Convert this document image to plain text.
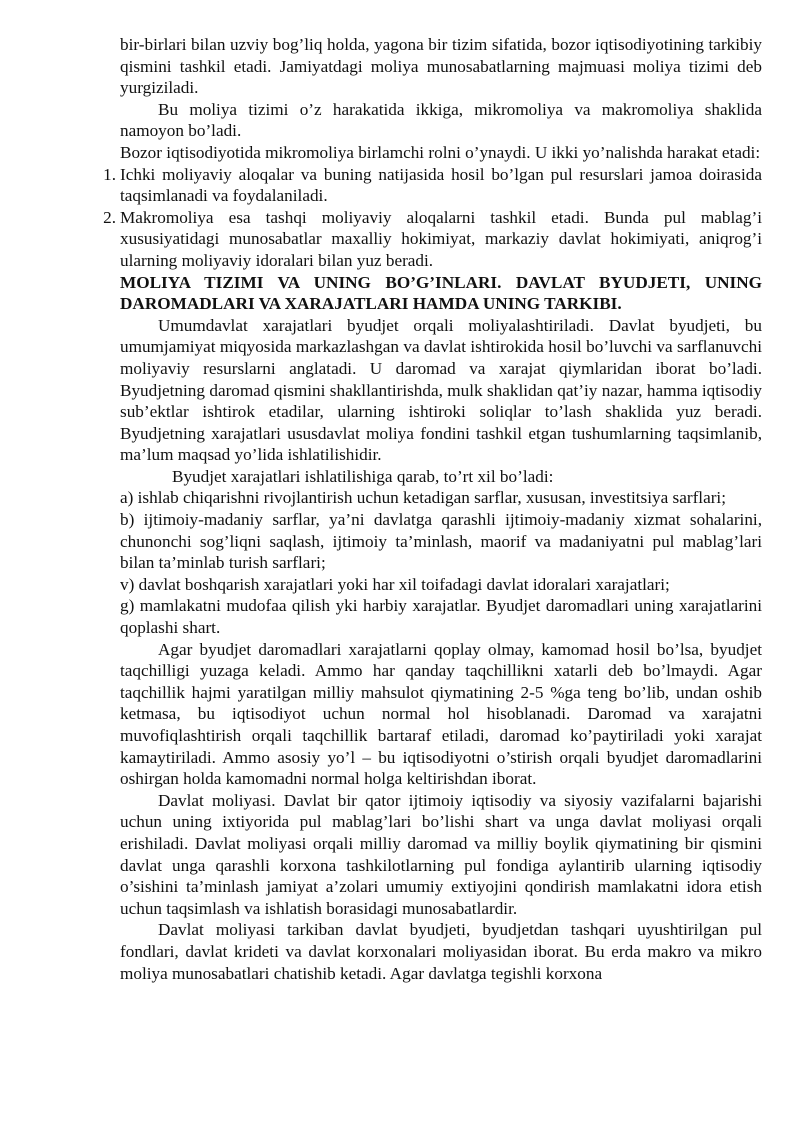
bir-birlari bilan uzviy bog’liq holda, yagona bir tizim sifatida, bozor iqtisodiyotining tarkibiy qismini tashkil etadi. Jamiyatdagi moliya munosabatlarning majmuasi moliya tizimi deb yurgiziladi.

Bu moliya tizimi o’z harakatida ikkiga, mikromoliya va makromoliya shaklida namoyon bo’ladi.

Bozor iqtisodiyotida mikromoliya birlamchi rolni o’ynaydi. U ikki yo’nalishda harakat etadi:

1. Ichki moliyaviy aloqalar va buning natijasida hosil bo’lgan pul resurslari jamoa doirasida taqsimlanadi va foydalaniladi.

2. Makromoliya esa tashqi moliyaviy aloqalarni tashkil etadi. Bunda pul mablag’i xususiyatidagi munosabatlar maxalliy hokimiyat, markaziy davlat hokimiyati, aniqrog’i ularning moliyaviy idoralari bilan yuz beradi.

MOLIYA TIZIMI VA UNING BO’G’INLARI. DAVLAT BYUDJETI, UNING DAROMADLARI VA XARAJATLARI HAMDA UNING TARKIBI.

Umumdavlat xarajatlari byudjet orqali moliyalashtiriladi. Davlat byudjeti, bu umumjamiyat miqyosida markazlashgan va davlat ishtirokida hosil bo’luvchi va sarflanuvchi moliyaviy resurslarni anglatadi. U daromad va xarajat qiymlaridan iborat bo’ladi. Byudjetning daromad qismini shakllantirishda, mulk shaklidan qat’iy nazar, hamma iqtisodiy sub’ektlar ishtirok etadilar, ularning ishtiroki soliqlar to’lash shaklida yuz beradi. Byudjetning xarajatlari ususdavlat moliya fondini tashkil etgan tushumlarning taqsimlanib, ma’lum maqsad yo’lida ishlatilishidir.

Byudjet xarajatlari ishlatilishiga qarab, to’rt xil bo’ladi:

a) ishlab chiqarishni rivojlantirish uchun ketadigan sarflar, xususan, investitsiya sarflari;

b) ijtimoiy-madaniy sarflar, ya’ni davlatga qarashli ijtimoiy-madaniy xizmat sohalarini, chunonchi sog’liqni saqlash, ijtimoiy ta’minlash, maorif va madaniyatni pul mablag’lari bilan ta’minlab turish sarflari;

v) davlat boshqarish xarajatlari yoki har xil toifadagi davlat idoralari xarajatlari;

g) mamlakatni mudofaa qilish yki harbiy xarajatlar. Byudjet daromadlari uning xarajatlarini qoplashi shart.

Agar byudjet daromadlari xarajatlarni qoplay olmay, kamomad hosil bo’lsa, byudjet taqchilligi yuzaga keladi. Ammo har qanday taqchillikni xatarli deb bo’lmaydi. Agar taqchillik hajmi yaratilgan milliy mahsulot qiymatining 2-5 %ga teng bo’lib, undan oshib ketmasa, bu iqtisodiyot uchun normal hol hisoblanadi. Daromad va xarajatni muvofiqlashtirish orqali taqchillik bartaraf etiladi, daromad ko’paytiriladi yoki xarajat kamaytiriladi. Ammo asosiy yo’l – bu iqtisodiyotni o’stirish orqali byudjet daromadlarini oshirgan holda kamomadni normal holga keltirishdan iborat.

Davlat moliyasi. Davlat bir qator ijtimoiy iqtisodiy va siyosiy vazifalarni bajarishi uchun uning ixtiyorida pul mablag’lari bo’lishi shart va unga davlat moliyasi orqali erishiladi. Davlat moliyasi orqali milliy daromad va milliy boylik qiymatining bir qismini davlat unga qarashli korxona tashkilotlarning pul fondiga aylantirib ularning iqtisodiy o’sishini ta’minlash jamiyat a’zolari umumiy extiyojini qondirish mamlakatni idora etish uchun taqsimlash va ishlatish borasidagi munosabatlardir.

Davlat moliyasi tarkiban davlat byudjeti, byudjetdan tashqari uyushtirilgan pul fondlari, davlat krideti va davlat korxonalari moliyasidan iborat. Bu erda makro va mikro moliya munosabatlari chatishib ketadi. Agar davlatga tegishli korxona
